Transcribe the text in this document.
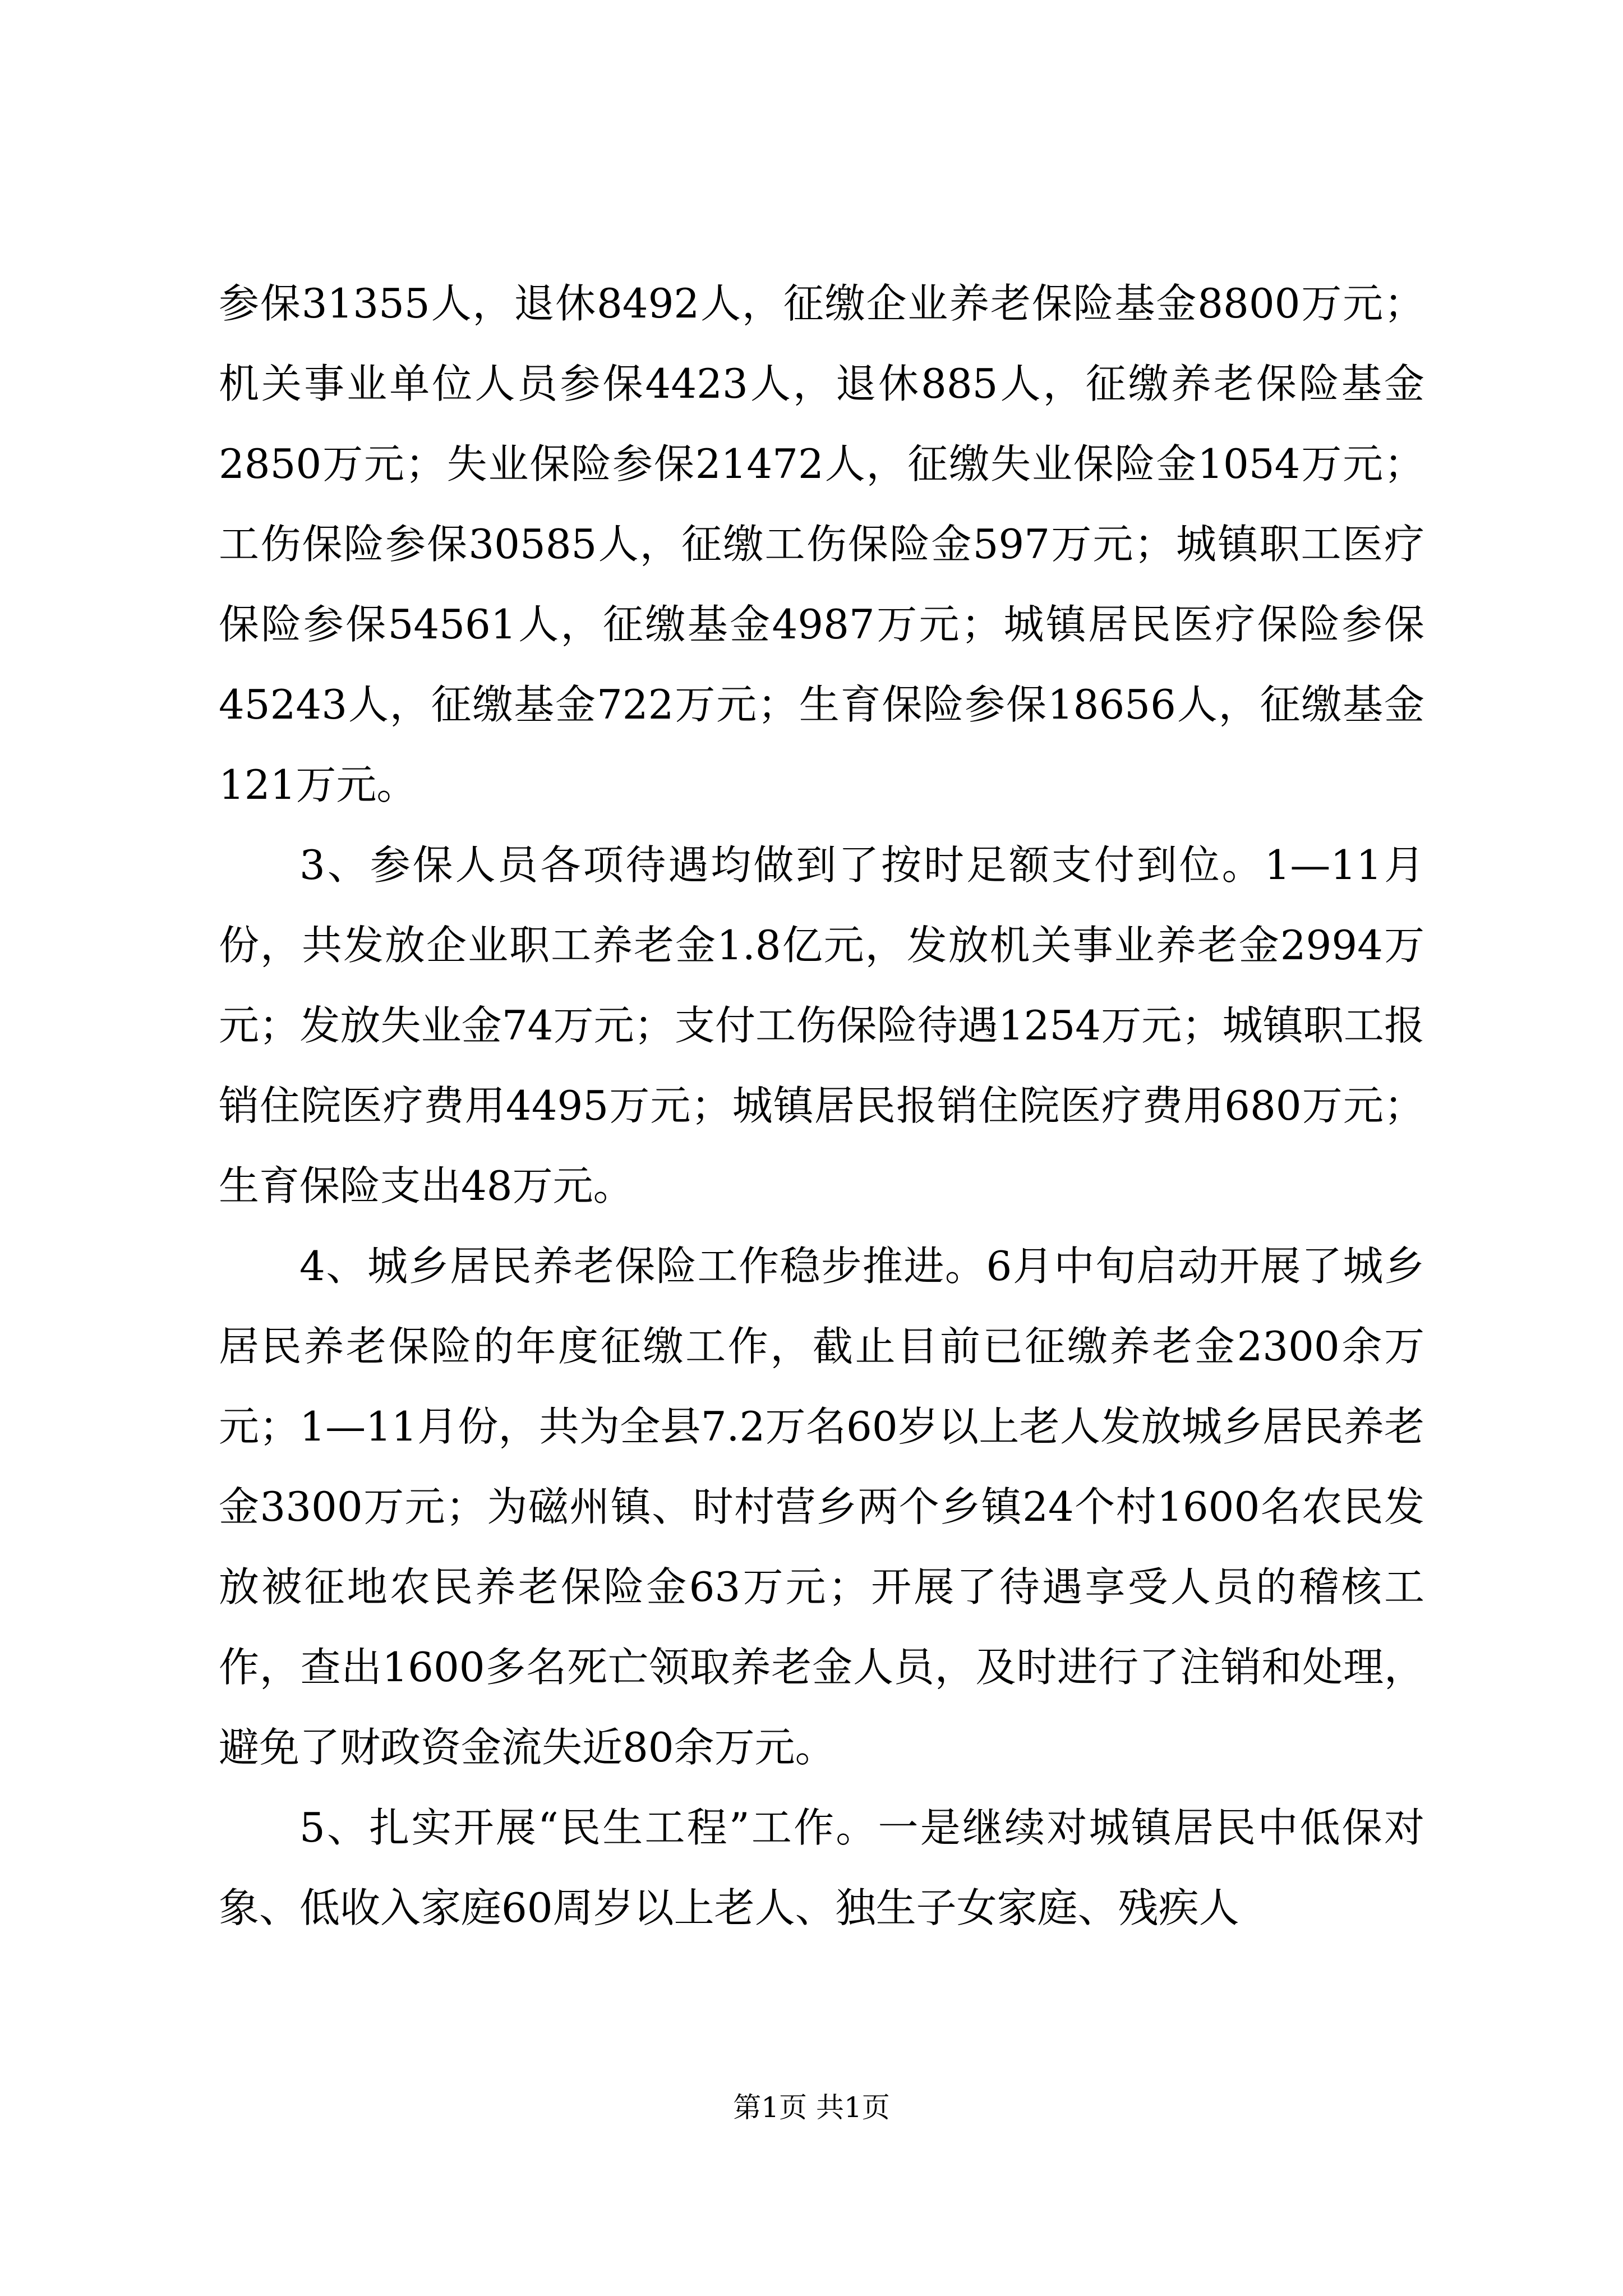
参保31355人，退休8492人，征缴企业养老保险基金8800万元；机关事业单位人员参保4423人，退休885人，征缴养老保险基金2850万元；失业保险参保21472人，征缴失业保险金1054万元；工伤保险参保30585人，征缴工伤保险金597万元；城镇职工医疗保险参保54561人，征缴基金4987万元；城镇居民医疗保险参保45243人，征缴基金722万元；生育保险参保18656人，征缴基金121万元。

3、参保人员各项待遇均做到了按时足额支付到位。1—11月份，共发放企业职工养老金1.8亿元，发放机关事业养老金2994万元；发放失业金74万元；支付工伤保险待遇1254万元；城镇职工报销住院医疗费用4495万元；城镇居民报销住院医疗费用680万元；生育保险支出48万元。

4、城乡居民养老保险工作稳步推进。6月中旬启动开展了城乡居民养老保险的年度征缴工作，截止目前已征缴养老金2300余万元；1—11月份，共为全县7.2万名60岁以上老人发放城乡居民养老金3300万元；为磁州镇、时村营乡两个乡镇24个村1600名农民发放被征地农民养老保险金63万元；开展了待遇享受人员的稽核工作，查出1600多名死亡领取养老金人员，及时进行了注销和处理，避免了财政资金流失近80余万元。

5、扎实开展“民生工程”工作。一是继续对城镇居民中低保对象、低收入家庭60周岁以上老人、独生子女家庭、残疾人

第1页 共1页
